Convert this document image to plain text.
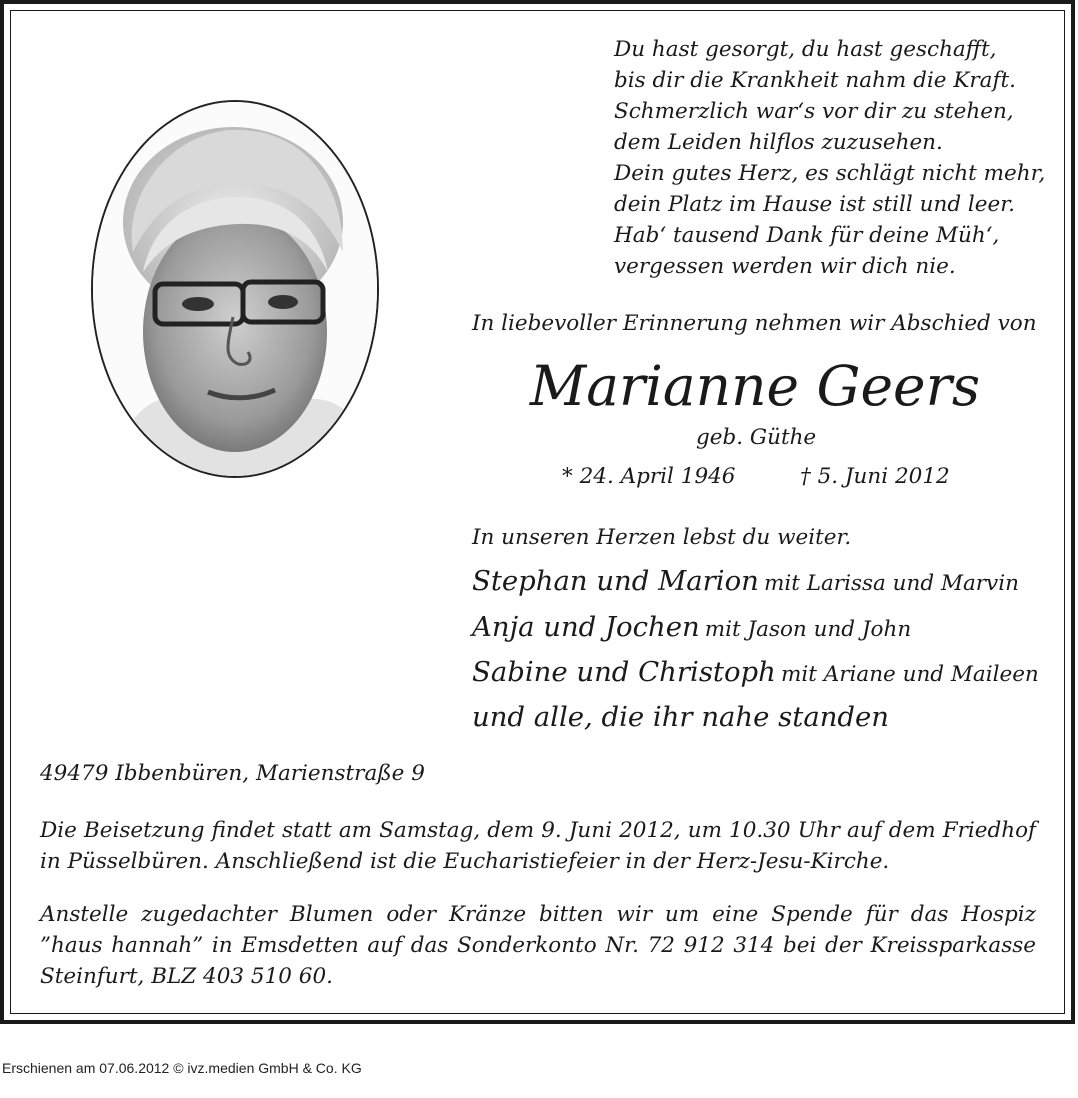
Du hast gesorgt, du hast geschafft,
bis dir die Krankheit nahm die Kraft.
Schmerzlich war‘s vor dir zu stehen,
dem Leiden hilflos zuzusehen.
Dein gutes Herz, es schlägt nicht mehr,
dein Platz im Hause ist still und leer.
Hab‘ tausend Dank für deine Müh‘,
vergessen werden wir dich nie.
In liebevoller Erinnerung nehmen wir Abschied von
Marianne Geers
geb. Güthe
* 24. April 1946	† 5. Juni 2012
In unseren Herzen lebst du weiter.
Stephan und Marion mit Larissa und Marvin
Anja und Jochen mit Jason und John
Sabine und Christoph mit Ariane und Maileen
und alle, die ihr nahe standen
49479 Ibbenbüren, Marienstraße 9
Die Beisetzung findet statt am Samstag, dem 9. Juni 2012, um 10.30 Uhr auf dem Friedhof
in Püsselbüren. Anschließend ist die Eucharistiefeier in der Herz-Jesu-Kirche.
Anstelle zugedachter Blumen oder Kränze bitten wir um eine Spende für das Hospiz
”haus hannah” in Emsdetten auf das Sonderkonto Nr. 72 912 314 bei der Kreissparkasse
Steinfurt, BLZ 403 510 60.
Erschienen am 07.06.2012 © ivz.medien GmbH & Co. KG
